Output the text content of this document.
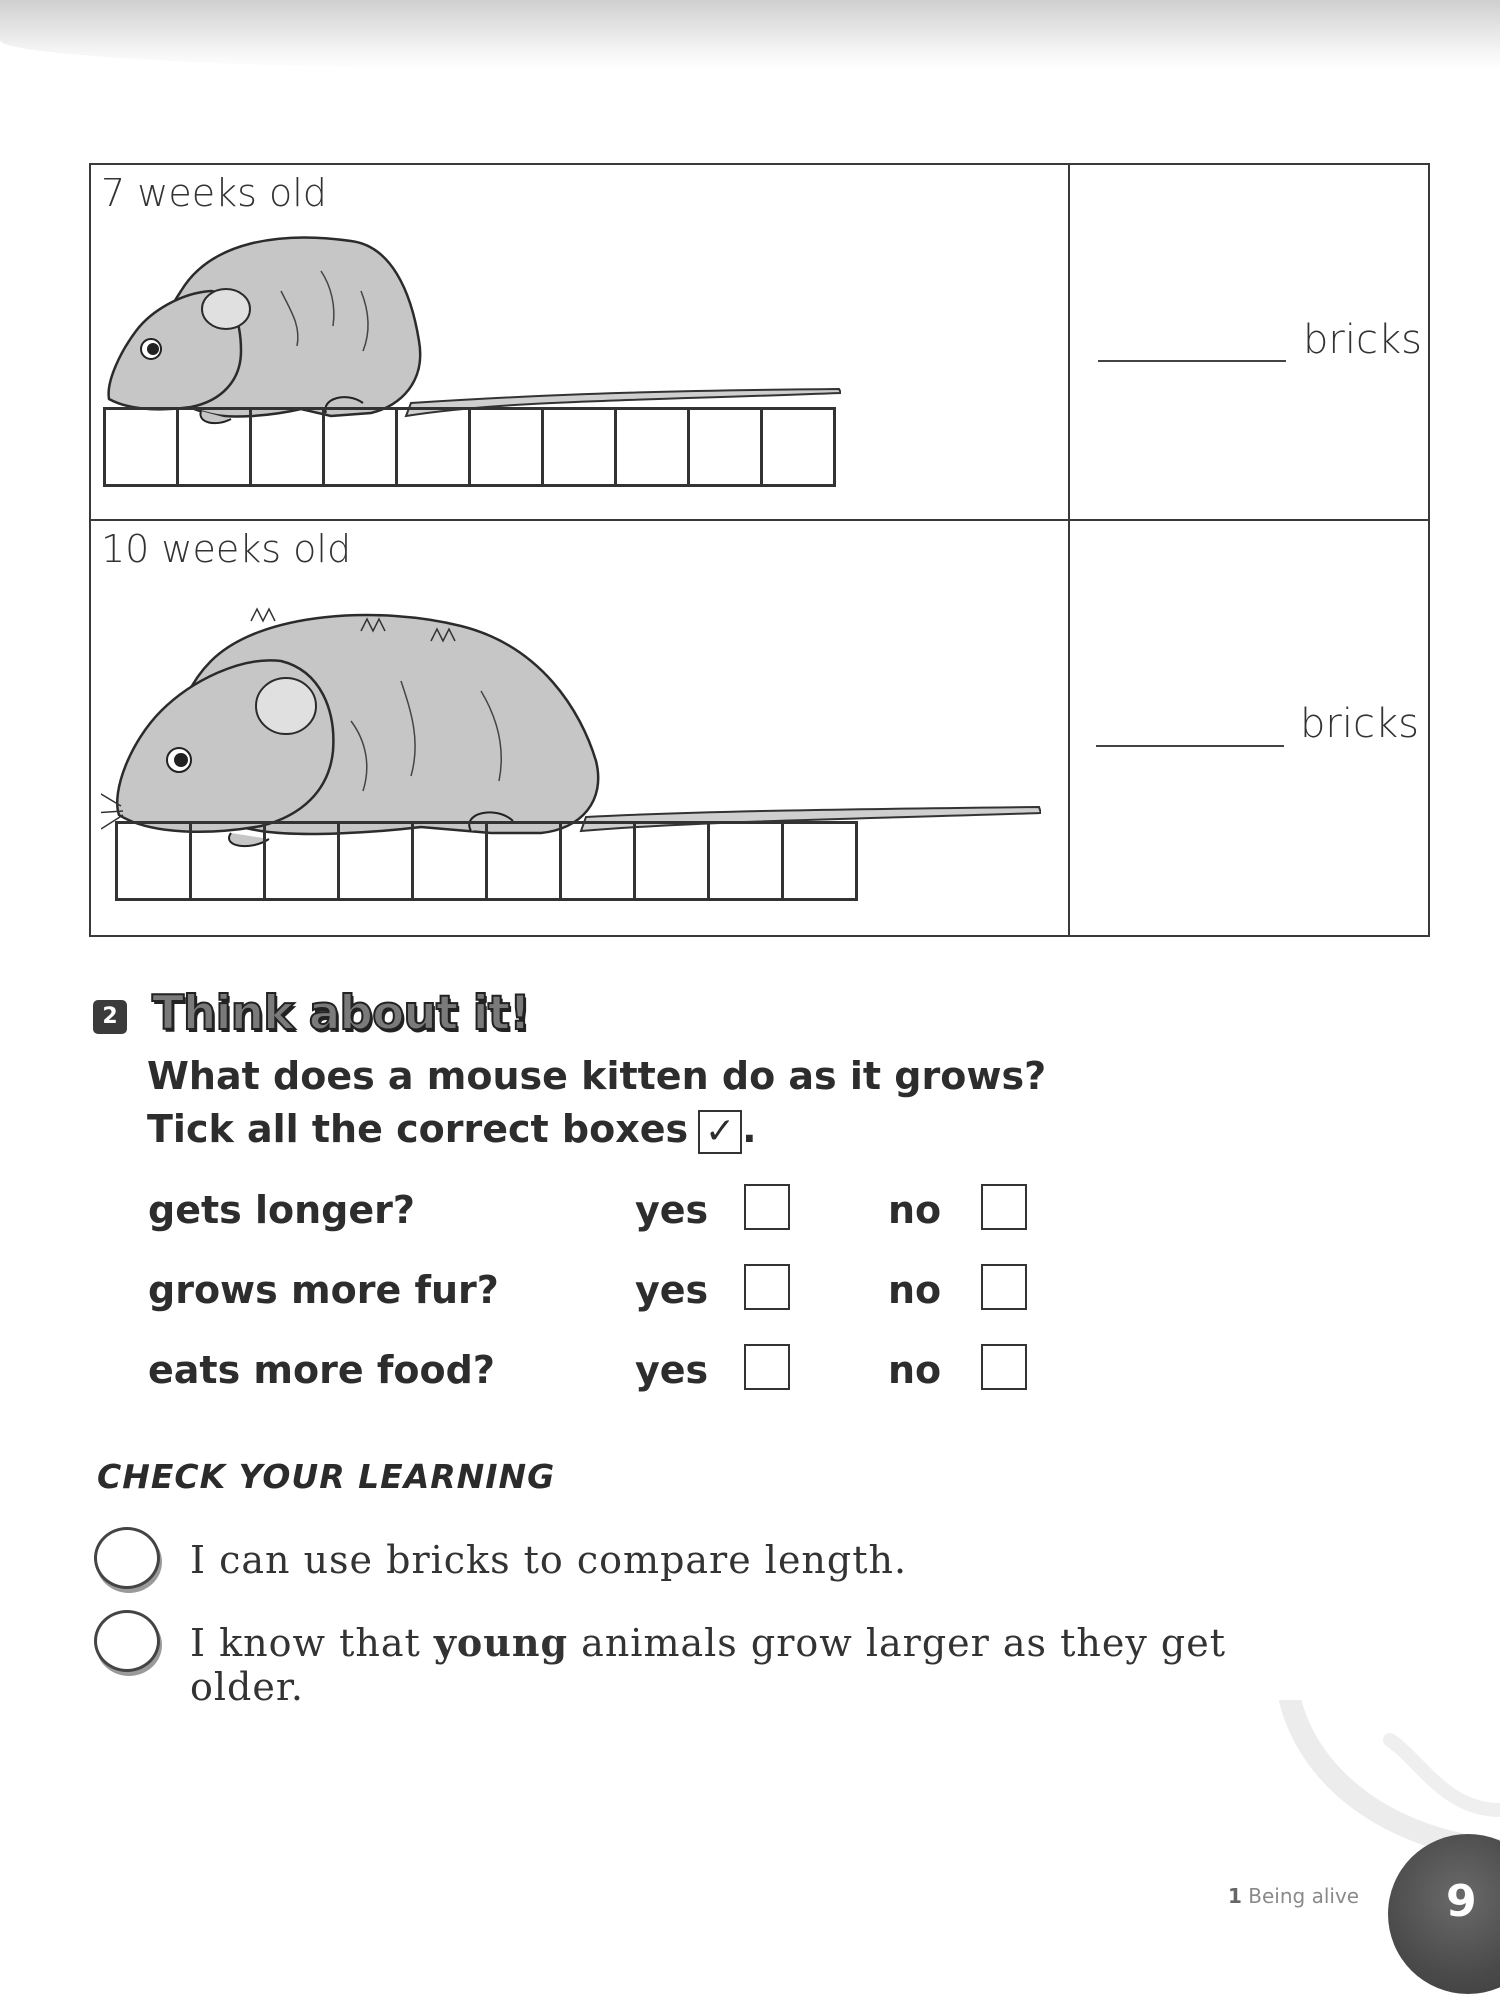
7 weeks old
bricks
10 weeks old
bricks
2 Think about it!
What does a mouse kitten do as it grows?
Tick all the correct boxes ✓ .
gets longer?	yes	no
grows more fur?	yes	no
eats more food?	yes	no
CHECK YOUR LEARNING
I can use bricks to compare length.
I know that young animals grow larger as they get older.
1 Being alive 9
